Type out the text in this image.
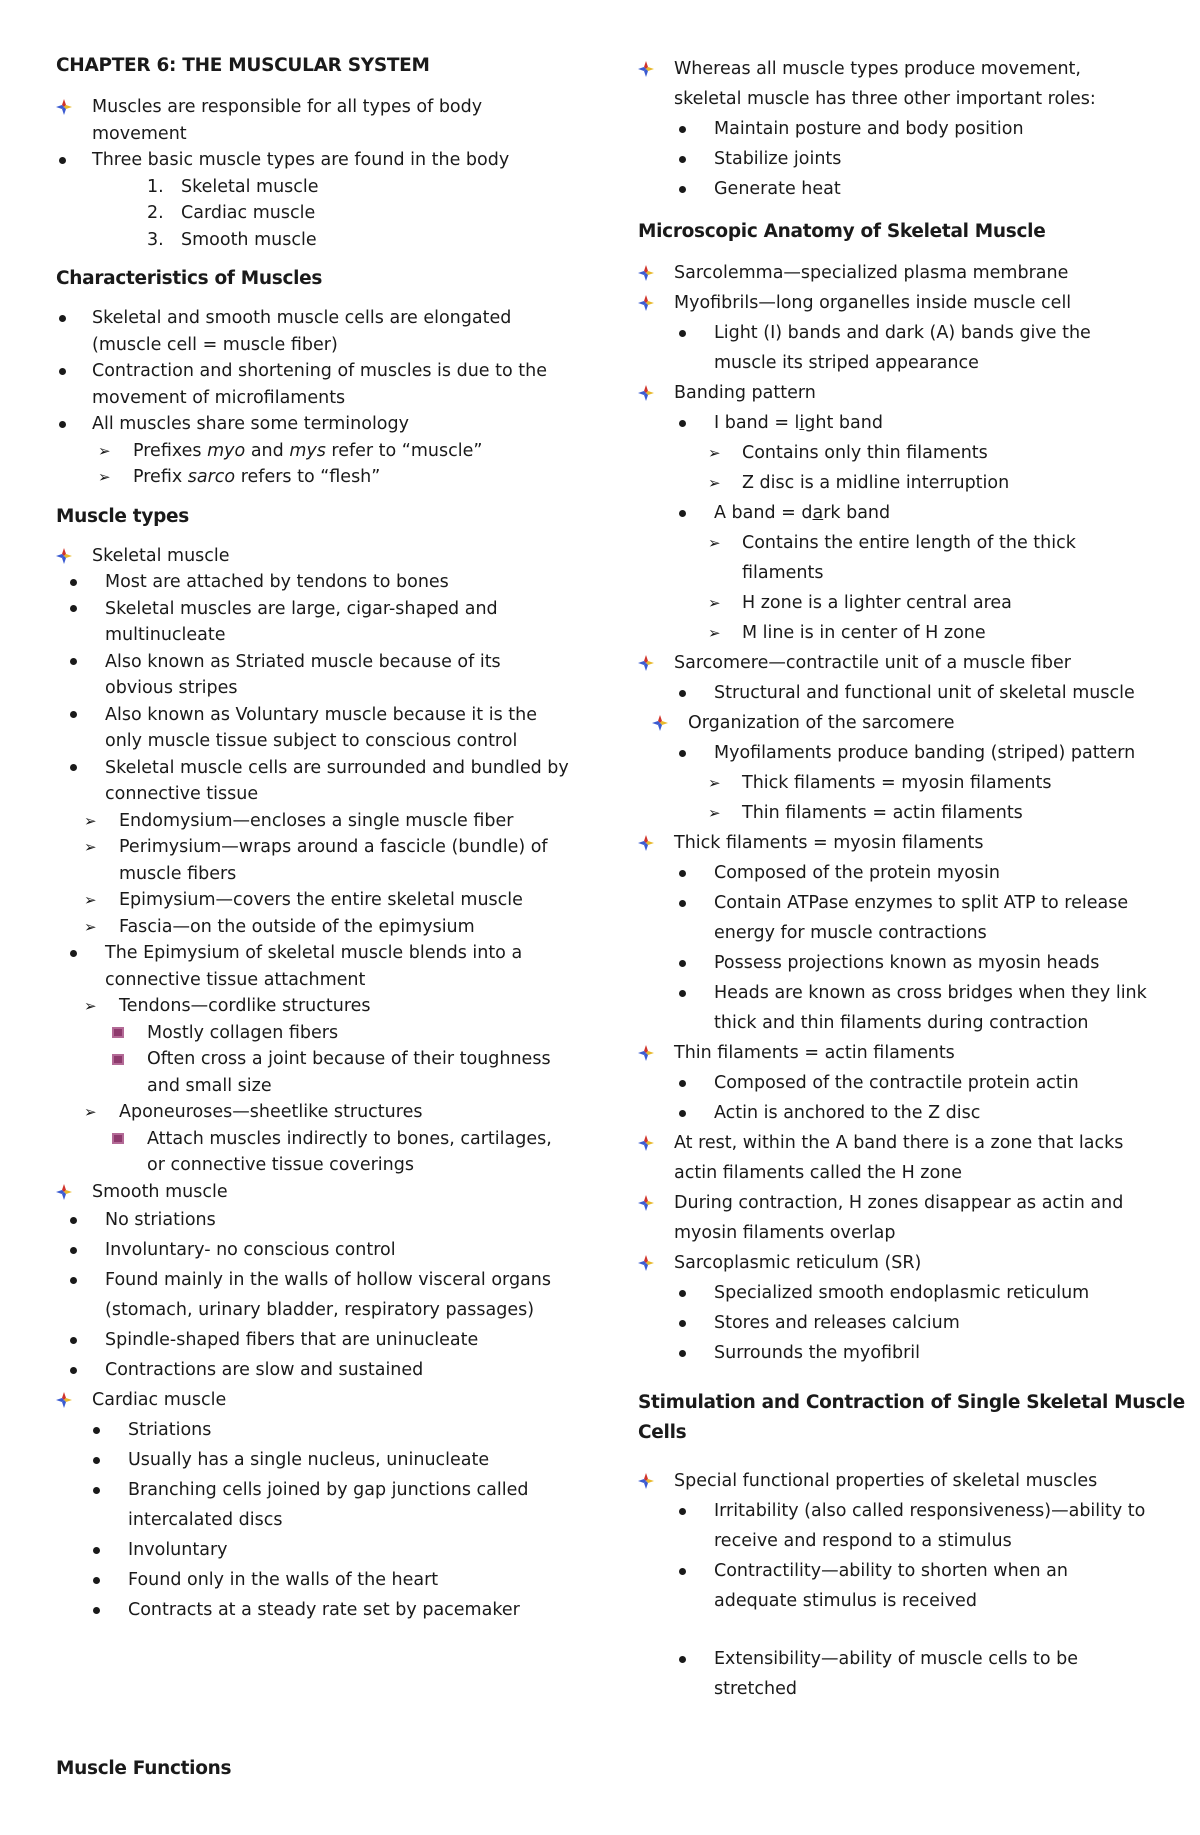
CHAPTER 6: THE MUSCULAR SYSTEM
Muscles are responsible for all types of body
movement
Three basic muscle types are found in the body
1. Skeletal muscle
2. Cardiac muscle
3. Smooth muscle
Characteristics of Muscles
Skeletal and smooth muscle cells are elongated
(muscle cell = muscle fiber)
Contraction and shortening of muscles is due to the
movement of microfilaments
All muscles share some terminology
➢ Prefixes myo and mys refer to “muscle”
➢ Prefix sarco refers to “flesh”
Muscle types
Skeletal muscle
Most are attached by tendons to bones
Skeletal muscles are large, cigar-shaped and
multinucleate
Also known as Striated muscle because of its
obvious stripes
Also known as Voluntary muscle because it is the
only muscle tissue subject to conscious control
Skeletal muscle cells are surrounded and bundled by
connective tissue
➢ Endomysium—encloses a single muscle fiber
➢ Perimysium—wraps around a fascicle (bundle) of
muscle fibers
➢ Epimysium—covers the entire skeletal muscle
➢ Fascia—on the outside of the epimysium
The Epimysium of skeletal muscle blends into a
connective tissue attachment
➢ Tendons—cordlike structures
Mostly collagen fibers
Often cross a joint because of their toughness
and small size
➢ Aponeuroses—sheetlike structures
Attach muscles indirectly to bones, cartilages,
or connective tissue coverings
Smooth muscle
No striations
Involuntary- no conscious control
Found mainly in the walls of hollow visceral organs
(stomach, urinary bladder, respiratory passages)
Spindle-shaped fibers that are uninucleate
Contractions are slow and sustained
Cardiac muscle
Striations
Usually has a single nucleus, uninucleate
Branching cells joined by gap junctions called
intercalated discs
Involuntary
Found only in the walls of the heart
Contracts at a steady rate set by pacemaker
Muscle Functions
Whereas all muscle types produce movement,
skeletal muscle has three other important roles:
Maintain posture and body position
Stabilize joints
Generate heat
Microscopic Anatomy of Skeletal Muscle
Sarcolemma—specialized plasma membrane
Myofibrils—long organelles inside muscle cell
Light (I) bands and dark (A) bands give the
muscle its striped appearance
Banding pattern
I band = light band
➢ Contains only thin filaments
➢ Z disc is a midline interruption
A band = dark band
➢ Contains the entire length of the thick
filaments
➢ H zone is a lighter central area
➢ M line is in center of H zone
Sarcomere—contractile unit of a muscle fiber
Structural and functional unit of skeletal muscle
Organization of the sarcomere
Myofilaments produce banding (striped) pattern
➢ Thick filaments = myosin filaments
➢ Thin filaments = actin filaments
Thick filaments = myosin filaments
Composed of the protein myosin
Contain ATPase enzymes to split ATP to release
energy for muscle contractions
Possess projections known as myosin heads
Heads are known as cross bridges when they link
thick and thin filaments during contraction
Thin filaments = actin filaments
Composed of the contractile protein actin
Actin is anchored to the Z disc
At rest, within the A band there is a zone that lacks
actin filaments called the H zone
During contraction, H zones disappear as actin and
myosin filaments overlap
Sarcoplasmic reticulum (SR)
Specialized smooth endoplasmic reticulum
Stores and releases calcium
Surrounds the myofibril
Stimulation and Contraction of Single Skeletal Muscle
Cells
Special functional properties of skeletal muscles
Irritability (also called responsiveness)—ability to
receive and respond to a stimulus
Contractility—ability to shorten when an
adequate stimulus is received
Extensibility—ability of muscle cells to be
stretched
